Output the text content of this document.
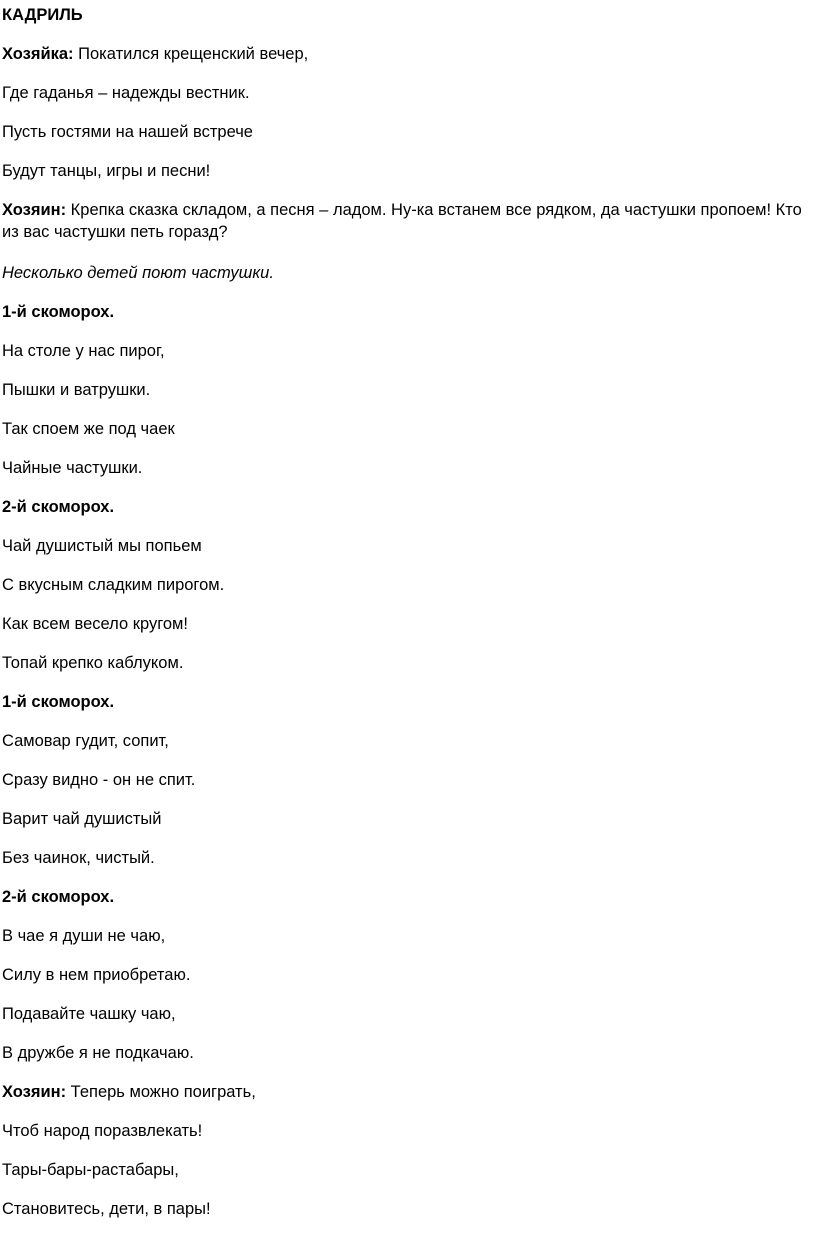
КАДРИЛЬ
Хозяйка: Покатился крещенский вечер,
Где гаданья – надежды вестник.
Пусть гостями на нашей встрече
Будут танцы, игры и песни!
Хозяин: Крепка сказка складом, а песня – ладом. Ну-ка встанем все рядком, да частушки пропоем! Кто из вас частушки петь горазд?
Несколько детей поют частушки.
1-й скоморох.
На столе у нас пирог,
Пышки и ватрушки.
Так споем же под чаек
Чайные частушки.
2-й скоморох.
Чай душистый мы попьем
С вкусным сладким пирогом.
Как всем весело кругом!
Топай крепко каблуком.
1-й скоморох.
Самовар гудит, сопит,
Сразу видно - он не спит.
Варит чай душистый
Без чаинок, чистый.
2-й скоморох.
В чае я души не чаю,
Силу в нем приобретаю.
Подавайте чашку чаю,
В дружбе я не подкачаю.
Хозяин: Теперь можно поиграть,
Чтоб народ поразвлекать!
Тары-бары-растабары,
Становитесь, дети, в пары!
